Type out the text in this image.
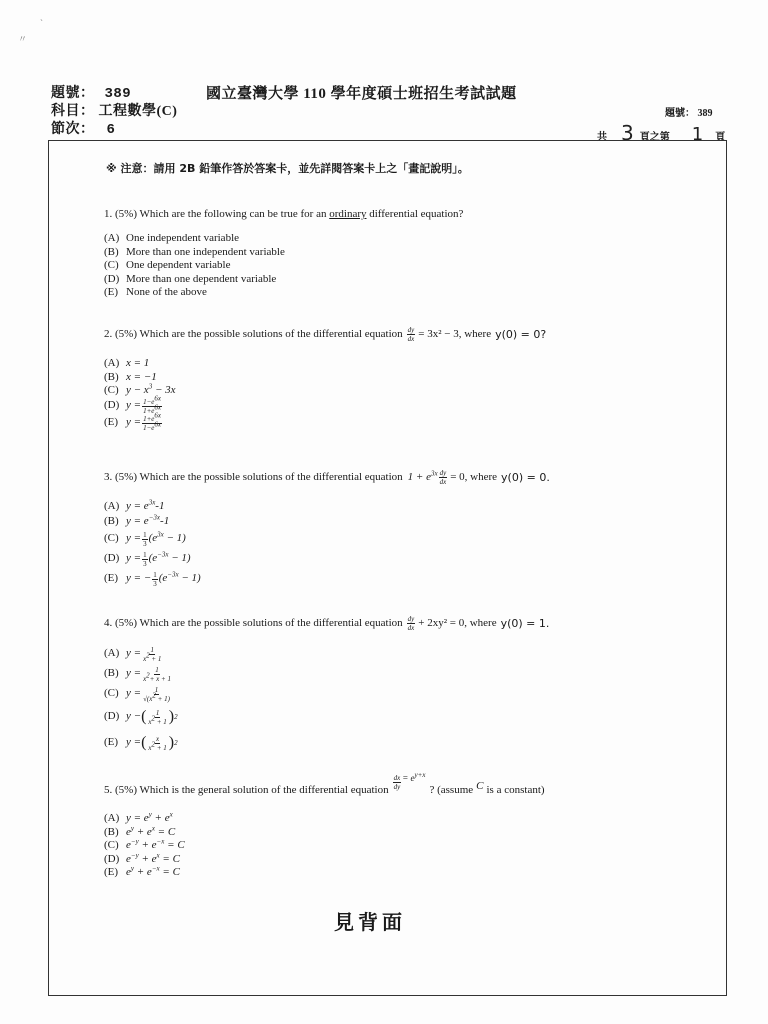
`
〃
題號： 389	國立臺灣大學 110 學年度碩士班招生考試試題
科目： 工程數學(C)
節次： 6
題號： 389
共 3 頁之第 1 頁
※ 注意：請用 2B 鉛筆作答於答案卡，並先詳閱答案卡上之「畫記說明」。
1. (5%) Which are the following can be true for an ordinary differential equation?
(A) One independent variable
(B) More than one independent variable
(C) One dependent variable
(D) More than one dependent variable
(E) None of the above
2. (5%) Which are the possible solutions of the differential equation $\frac{dy}{dx} = 3x^2 - 3$, where y(0) = 0?
(A) x = 1
(B) x = −1
(C) $y - x^3 - 3x$
(D) $y = \frac{1-e^{6x}}{1+e^{6x}}$
(E) $y = \frac{1+e^{6x}}{1-e^{6x}}$
3. (5%) Which are the possible solutions of the differential equation $1 + e^{3x} \frac{dy}{dx} = 0$, where y(0) = 0.
(A) $y = e^{3x}-1$
(B) $y = e^{-3x}-1$
(C) $y = \frac{1}{3} (e^{3x} - 1)$
(D) $y = \frac{1}{3} (e^{-3x} - 1)$
(E) y = − $\frac{1}{3} (e^{-3x} - 1)$
4. (5%) Which are the possible solutions of the differential equation $\frac{dy}{dx} + 2xy^2 = 0$, where y(0) = 1.
(A) $y = \frac{1}{x^2 + 1}$
(B) $y = \frac{1}{x^2+ x + 1}$
(C) $y = \frac{1}{√(x^2 + 1)}$
(D) y − ( $\frac{1}{x^2 + 1}$ ) 2
(E) y = ( $\frac{x}{x^2 + 1}$ ) 2
5. (5%) Which is the general solution of the differential equation $\frac{dx}{dy} = e^{y+x}$
? (assume C is a constant)
(A) $y = e^y + e^x$
(B) $e^y + e^x = C$
(C) $e^{-y} + e^{-x} = C$
(D) $e^{-y} + e^x = C$
(E) $e^y + e^{-x} = C$
見背面
